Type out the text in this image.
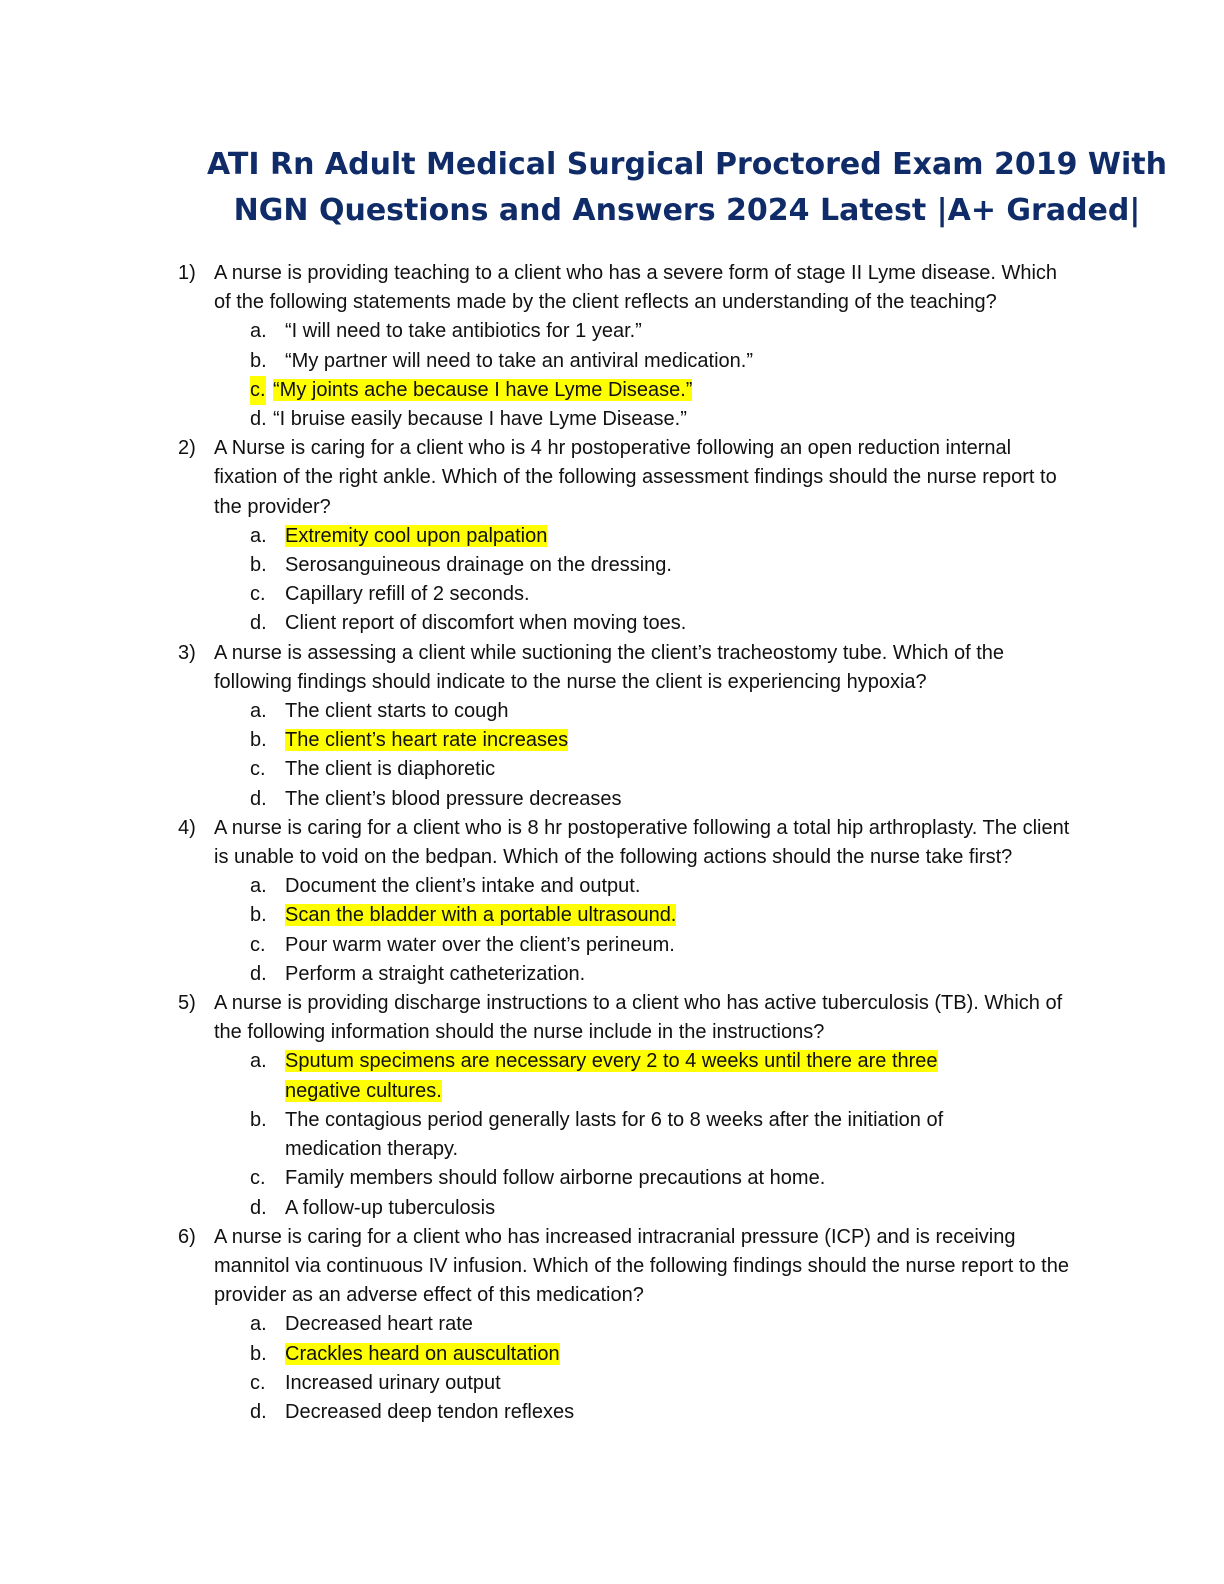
ATI Rn Adult Medical Surgical Proctored Exam 2019 With
NGN Questions and Answers 2024 Latest |A+ Graded|
1) A nurse is providing teaching to a client who has a severe form of stage II Lyme disease. Which of the following statements made by the client reflects an understanding of the teaching?

a. “I will need to take antibiotics for 1 year.”
b. “My partner will need to take an antiviral medication.”
c. “My joints ache because I have Lyme Disease.”
d. “I bruise easily because I have Lyme Disease.”
2) A Nurse is caring for a client who is 4 hr postoperative following an open reduction internal fixation of the right ankle. Which of the following assessment findings should the nurse report to the provider?

a. Extremity cool upon palpation
b. Serosanguineous drainage on the dressing.
c. Capillary refill of 2 seconds.
d. Client report of discomfort when moving toes.
3) A nurse is assessing a client while suctioning the client’s tracheostomy tube. Which of the following findings should indicate to the nurse the client is experiencing hypoxia?

a. The client starts to cough
b. The client’s heart rate increases
c. The client is diaphoretic
d. The client’s blood pressure decreases
4) A nurse is caring for a client who is 8 hr postoperative following a total hip arthroplasty. The client is unable to void on the bedpan. Which of the following actions should the nurse take first?

a. Document the client’s intake and output.
b. Scan the bladder with a portable ultrasound.
c. Pour warm water over the client’s perineum.
d. Perform a straight catheterization.
5) A nurse is providing discharge instructions to a client who has active tuberculosis (TB). Which of the following information should the nurse include in the instructions?

a. Sputum specimens are necessary every 2 to 4 weeks until there are three negative cultures.
b. The contagious period generally lasts for 6 to 8 weeks after the initiation of medication therapy.
c. Family members should follow airborne precautions at home.
d. A follow-up tuberculosis
6) A nurse is caring for a client who has increased intracranial pressure (ICP) and is receiving mannitol via continuous IV infusion. Which of the following findings should the nurse report to the provider as an adverse effect of this medication?

a. Decreased heart rate
b. Crackles heard on auscultation
c. Increased urinary output
d. Decreased deep tendon reflexes
